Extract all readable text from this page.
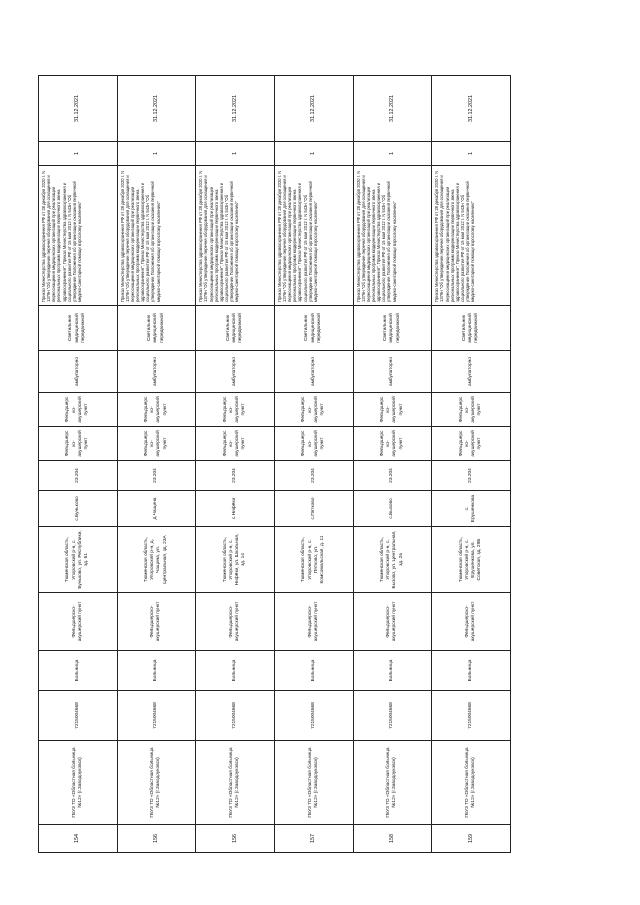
154	ГБУЗ ТО «Областная больница №12» (г.Заводоуковск)	7215004668	Больница	Фельдшерско-акушерский пункт	Тюменская область, Упоровский р-н, с. Буньково, ул. Республики, зд. 61	с.Буньково	23.204	Фельдшерско-акушерский пункт	Фельдшерско-акушерский пункт	амбулаторно	Светильник медицинский передвижной	Приказ Министерства здравоохранения РФ от 28 декабря 2020 г. N 1379н "Об утверждении перечня оборудования для оснащения и переоснащения медицинских организаций при реализации региональных программ модернизации первичного звена здравоохранения"; Приказ Министерства здравоохранения и социального развития РФ от 15 мая 2012 г. N 543н "Об утверждении Положения об организации оказания первичной медико-санитарной помощи взрослому населению"	1	31.12.2021
156	ГБУЗ ТО «Областная больница №12» (г.Заводоуковск)	7215004668	Больница	Фельдшерско-акушерский пункт	Тюменская область, Упоровский р-н, д. Чащина, ул. Центральная, зд. 23А	д.Чащина	23.204	Фельдшерско-акушерский пункт	Фельдшерско-акушерский пункт	амбулаторно	Светильник медицинский передвижной	Приказ Министерства здравоохранения РФ от 28 декабря 2020 г. N 1379н "Об утверждении перечня оборудования для оснащения и переоснащения медицинских организаций при реализации региональных программ модернизации первичного звена здравоохранения"; Приказ Министерства здравоохранения и социального развития РФ от 15 мая 2012 г. N 543н "Об утверждении Положения об организации оказания первичной медико-санитарной помощи взрослому населению"	1	31.12.2021
156	ГБУЗ ТО «Областная больница №12» (г.Заводоуковск)	7215004668	Больница	Фельдшерско-акушерский пункт	Тюменская область, Упоровский р-н, с. Нифёки, ул. Школьная, зд. 14	с.Нифёки	23.204	Фельдшерско-акушерский пункт	Фельдшерско-акушерский пункт	амбулаторно	Светильник медицинский передвижной	Приказ Министерства здравоохранения РФ от 28 декабря 2020 г. N 1379н "Об утверждении перечня оборудования для оснащения и переоснащения медицинских организаций при реализации региональных программ модернизации первичного звена здравоохранения"; Приказ Министерства здравоохранения и социального развития РФ от 15 мая 2012 г. N 543н "Об утверждении Положения об организации оказания первичной медико-санитарной помощи взрослому населению"	1	31.12.2021
157	ГБУЗ ТО «Областная больница №12» (г.Заводоуковск)	7215004668	Больница	Фельдшерско-акушерский пункт	Тюменская область, Упоровский р-н, с. Пятково, ул. Комсомольская, д. 11	с.Пятково	23.204	Фельдшерско-акушерский пункт	Фельдшерско-акушерский пункт	амбулаторно	Светильник медицинский передвижной	Приказ Министерства здравоохранения РФ от 28 декабря 2020 г. N 1379н "Об утверждении перечня оборудования для оснащения и переоснащения медицинских организаций при реализации региональных программ модернизации первичного звена здравоохранения"; Приказ Министерства здравоохранения и социального развития РФ от 15 мая 2012 г. N 543н "Об утверждении Положения об организации оказания первичной медико-санитарной помощи взрослому населению"	1	31.12.2021
158	ГБУЗ ТО «Областная больница №12» (г.Заводоуковск)	7215004668	Больница	Фельдшерско-акушерский пункт	Тюменская область, Упоровский р-н, с. Бызово, ул. Центральная, зд. 2в	с.Бызово	23.204	Фельдшерско-акушерский пункт	Фельдшерско-акушерский пункт	амбулаторно	Светильник медицинский передвижной	Приказ Министерства здравоохранения РФ от 28 декабря 2020 г. N 1379н "Об утверждении перечня оборудования для оснащения и переоснащения медицинских организаций при реализации региональных программ модернизации первичного звена здравоохранения"; Приказ Министерства здравоохранения и социального развития РФ от 15 мая 2012 г. N 543н "Об утверждении Положения об организации оказания первичной медико-санитарной помощи взрослому населению"	1	31.12.2021
159	ГБУЗ ТО «Областная больница №12» (г.Заводоуковск)	7215004668	Больница	Фельдшерско-акушерский пункт	Тюменская область, Упоровский р-н, с. Ерушенкова, ул. Советская, зд. 29Б	с. Ерушенкова	23.204	Фельдшерско-акушерский пункт	Фельдшерско-акушерский пункт	амбулаторно	Светильник медицинский передвижной	Приказ Министерства здравоохранения РФ от 28 декабря 2020 г. N 1379н "Об утверждении перечня оборудования для оснащения и переоснащения медицинских организаций при реализации региональных программ модернизации первичного звена здравоохранения"; Приказ Министерства здравоохранения и социального развития РФ от 15 мая 2012 г. N 543н "Об утверждении Положения об организации оказания первичной медико-санитарной помощи взрослому населению"	1	31.12.2021
